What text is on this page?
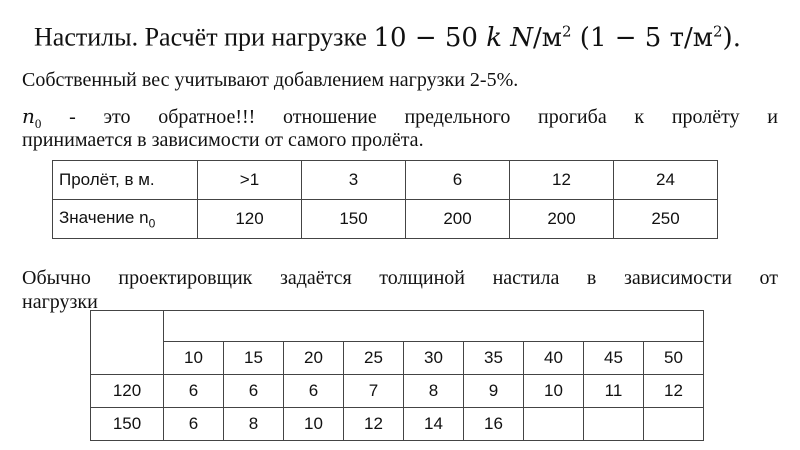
Настилы. Расчёт при нагрузке 10 − 50 k $N/м^2$ (1 − 5 $т/м^2$).
Собственный вес учитывают добавлением нагрузки 2-5%.
$n_0$ - это обратное!!! отношение предельного прогиба к пролёту и
принимается в зависимости от самого пролёта.
Пролёт, в м.	>1	3	6	12	24
Значение $n_0$	120	150	200	200	250
Обычно проектировщик задаётся толщиной настила в зависимости от
нагрузки

	10	15	20	25	30	35	40	45	50
120	6	6	6	7	8	9	10	11	12
150	6	8	10	12	14	16			
